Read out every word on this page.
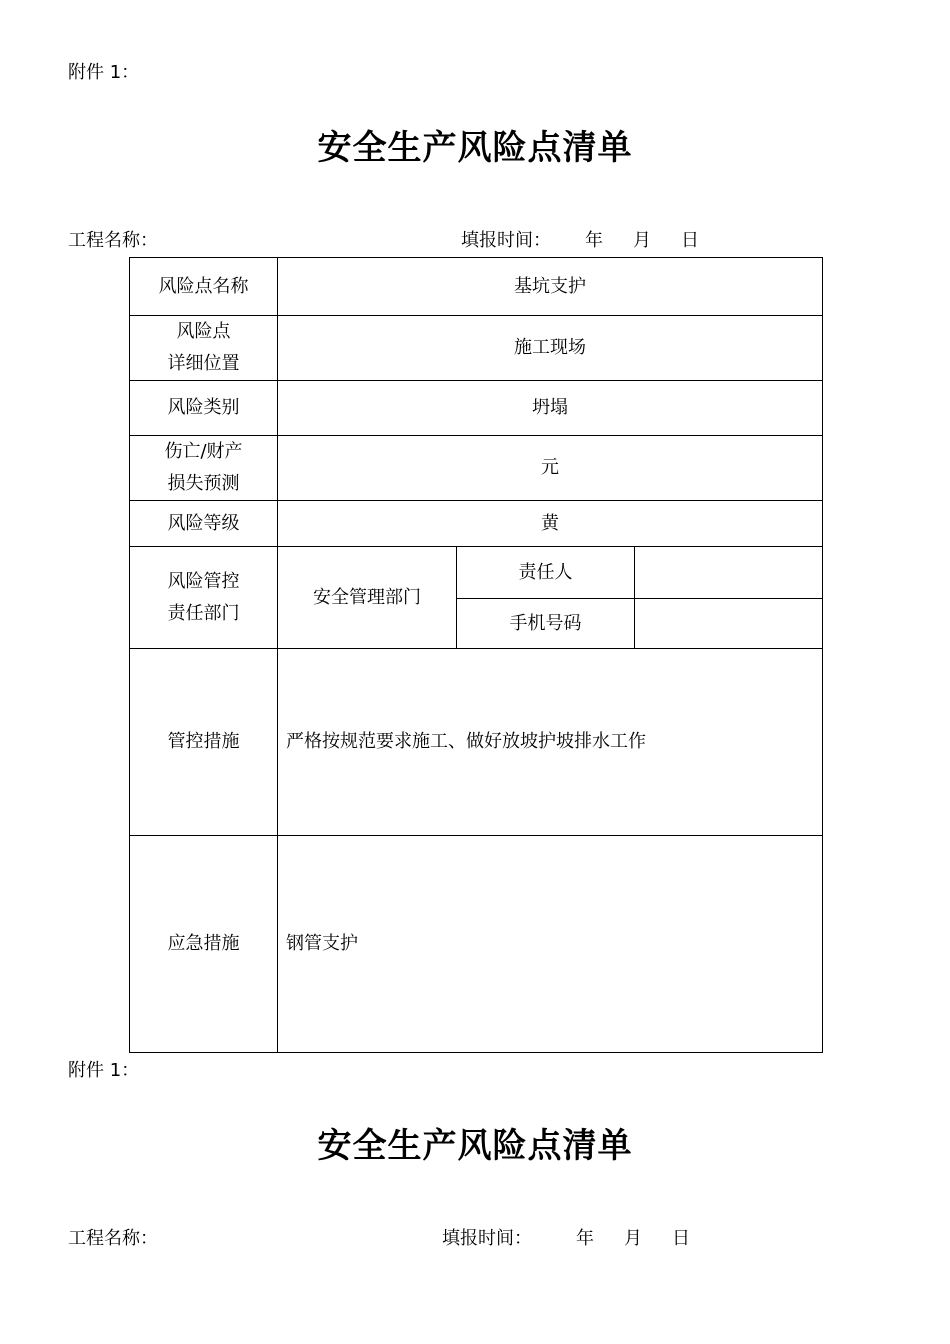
附件 1：
安全生产风险点清单
工程名称：	填报时间： 年 月 日
风险点名称	基坑支护		

风险点
详细位置	施工现场		
风险类别	坍塌		

伤亡/财产
损失预测	元		
风险等级	黄		

风险管控
责任部门	安全管理部门	责任人	
		手机号码	
管控措施	严格按规范要求施工、做好放坡护坡排水工作		
应急措施	钢管支护		
附件 1：
安全生产风险点清单
工程名称：	填报时间： 年 月 日
